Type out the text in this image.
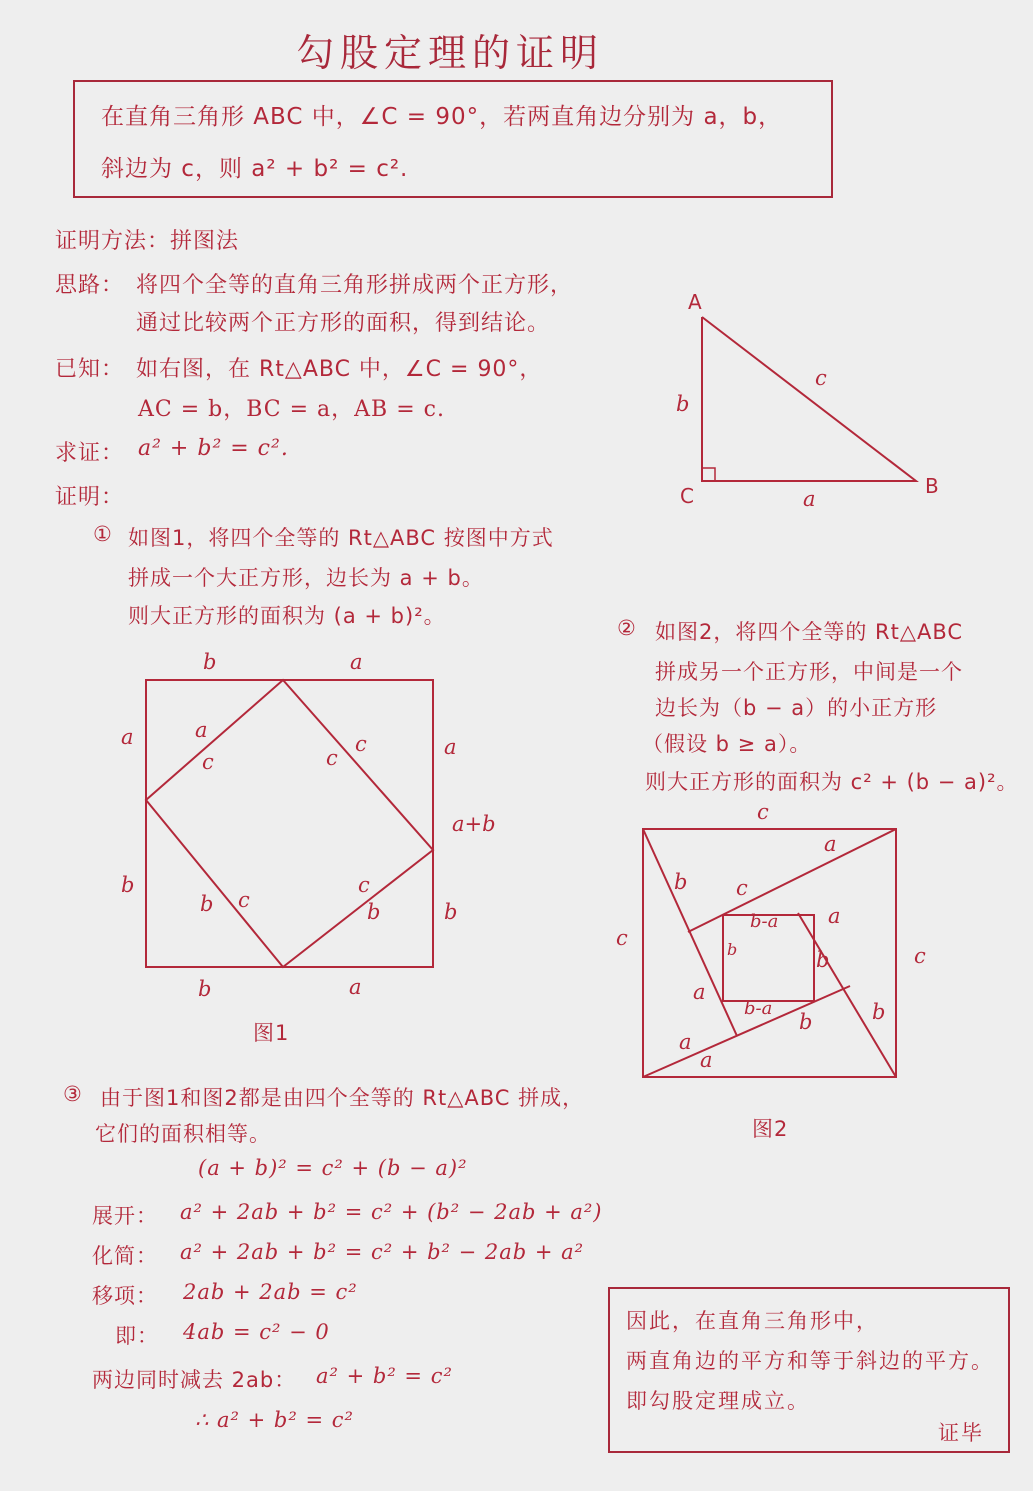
勾股定理的证明
在直角三角形 ABC 中，∠C = 90°，若两直角边分别为 a，b，
斜边为 c，则 a² + b² = c².
证明方法：拼图法
思路： 将四个全等的直角三角形拼成两个正方形，
通过比较两个正方形的面积，得到结论。
已知： 如右图，在 Rt△ABC 中，∠C = 90°，
AC = b，BC = a，AB = c.
求证： a² + b² = c².
证明：
① 如图1，将四个全等的 Rt△ABC 按图中方式
拼成一个大正方形，边长为 a + b。
则大正方形的面积为 (a + b)²。	② 如图2，将四个全等的 Rt△ABC
拼成另一个正方形，中间是一个
边长为（b − a）的小正方形
（假设 b ≥ a）。
则大正方形的面积为 c² + (b − a)²。
A
B
C
b
a
c
b	a
a
b
a
b
a+b
b	a
a
c
c
c
b c
c
b
图1
c
c
c
a
c
b
b-a
b-a
b
b
a
a
b	b
a
a
图2
③ 由于图1和图2都是由四个全等的 Rt△ABC 拼成，
它们的面积相等。
(a + b)² = c² + (b − a)²
展开： a² + 2ab + b² = c² + (b² − 2ab + a²)
化简： a² + 2ab + b² = c² + b² − 2ab + a²
移项： 2ab + 2ab = c²
即： 4ab = c² − 0
两边同时减去 2ab： a² + b² = c²
∴ a² + b² = c²
因此，在直角三角形中，
两直角边的平方和等于斜边的平方。
即勾股定理成立。
证毕
